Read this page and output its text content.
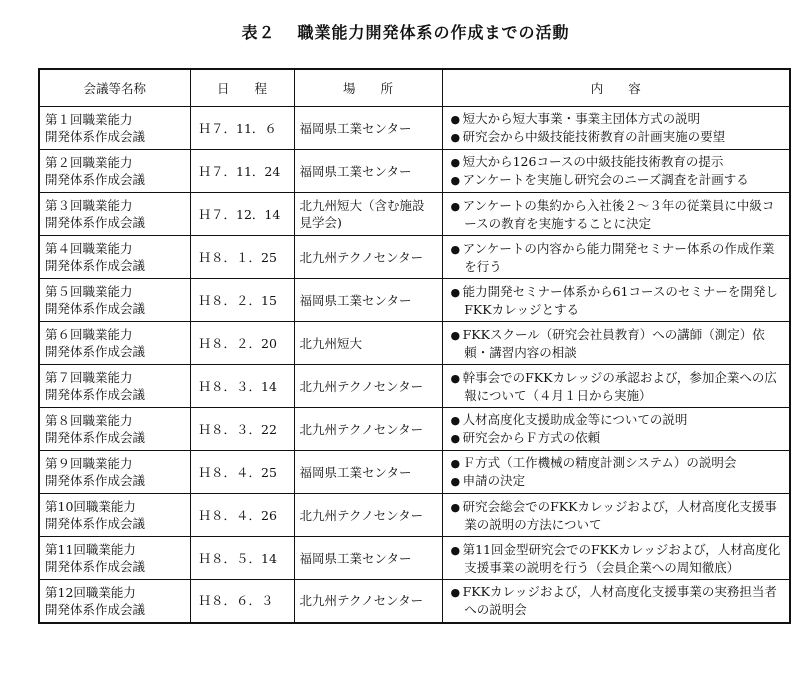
表２ 職業能力開発体系の作成までの活動
会議等名称	日　　程	場　　所	内　　容

第１回職業能力
開発体系作成会議	Ｈ７．11．６	福岡県工業センター	● 短大から短大事業・事業主団体方式の説明
● 研究会から中級技能技術教育の計画実施の要望

第２回職業能力
開発体系作成会議	Ｈ７．11．24	福岡県工業センター	● 短大から126コースの中級技能技術教育の提示
● アンケートを実施し研究会のニーズ調査を計画する

第３回職業能力
開発体系作成会議	Ｈ７．12．14	北九州短大（含む施設
見学会)	● アンケートの集約から入社後２～３年の従業員に中級コースの教育を実施することに決定

第４回職業能力
開発体系作成会議	Ｈ８．１．25	北九州テクノセンター	● アンケートの内容から能力開発セミナー体系の作成作業を行う

第５回職業能力
開発体系作成会議	Ｈ８．２．15	福岡県工業センター	● 能力開発セミナー体系から61コースのセミナーを開発しFKKカレッジとする

第６回職業能力
開発体系作成会議	Ｈ８．２．20	北九州短大	● FKKスクール（研究会社員教育）への講師（測定）依頼・講習内容の相談

第７回職業能力
開発体系作成会議	Ｈ８．３．14	北九州テクノセンター	● 幹事会でのFKKカレッジの承認および，参加企業への広報について（４月１日から実施）

第８回職業能力
開発体系作成会議	Ｈ８．３．22	北九州テクノセンター	● 人材高度化支援助成金等についての説明
● 研究会からＦ方式の依頼

第９回職業能力
開発体系作成会議	Ｈ８．４．25	福岡県工業センター	● Ｆ方式（工作機械の精度計測システム）の説明会
● 申請の決定

第10回職業能力
開発体系作成会議	Ｈ８．４．26	北九州テクノセンター	● 研究会総会でのFKKカレッジおよび，人材高度化支援事業の説明の方法について

第11回職業能力
開発体系作成会議	Ｈ８．５．14	福岡県工業センター	● 第11回金型研究会でのFKKカレッジおよび，人材高度化支援事業の説明を行う（会員企業への周知徹底）

第12回職業能力
開発体系作成会議	Ｈ８．６．３	北九州テクノセンター	● FKKカレッジおよび，人材高度化支援事業の実務担当者への説明会
